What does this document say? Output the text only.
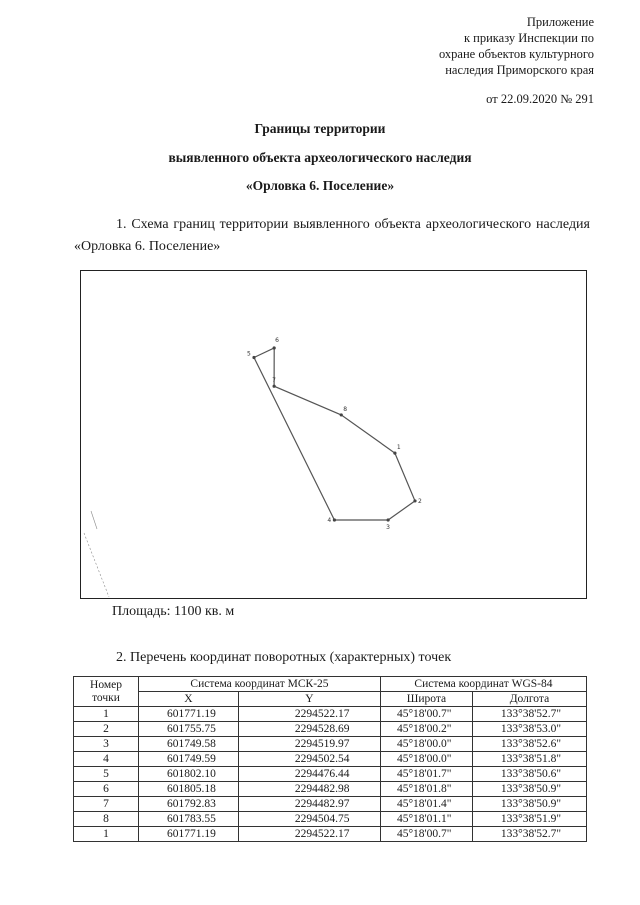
Приложение
к приказу Инспекции по
охране объектов культурного
наследия Приморского края
от 22.09.2020 № 291
Границы территории
выявленного объекта археологического наследия
«Орловка 6. Поселение»

1. Схема границ территории выявленного объекта археологического наследия «Орловка 6. Поселение»

1
2
3
4
5
6
7
8
Площадь: 1100 кв. м
2. Перечень координат поворотных (характерных) точек
Номер
точки	Система координат МСК-25		Система координат WGS-84	
	X	Y	Широта	Долгота
1	601771.19	2294522.17	45°18'00.7"	133°38'52.7"
2	601755.75	2294528.69	45°18'00.2"	133°38'53.0"
3	601749.58	2294519.97	45°18'00.0"	133°38'52.6"
4	601749.59	2294502.54	45°18'00.0"	133°38'51.8"
5	601802.10	2294476.44	45°18'01.7"	133°38'50.6"
6	601805.18	2294482.98	45°18'01.8"	133°38'50.9"
7	601792.83	2294482.97	45°18'01.4"	133°38'50.9"
8	601783.55	2294504.75	45°18'01.1"	133°38'51.9"
1	601771.19	2294522.17	45°18'00.7"	133°38'52.7"
